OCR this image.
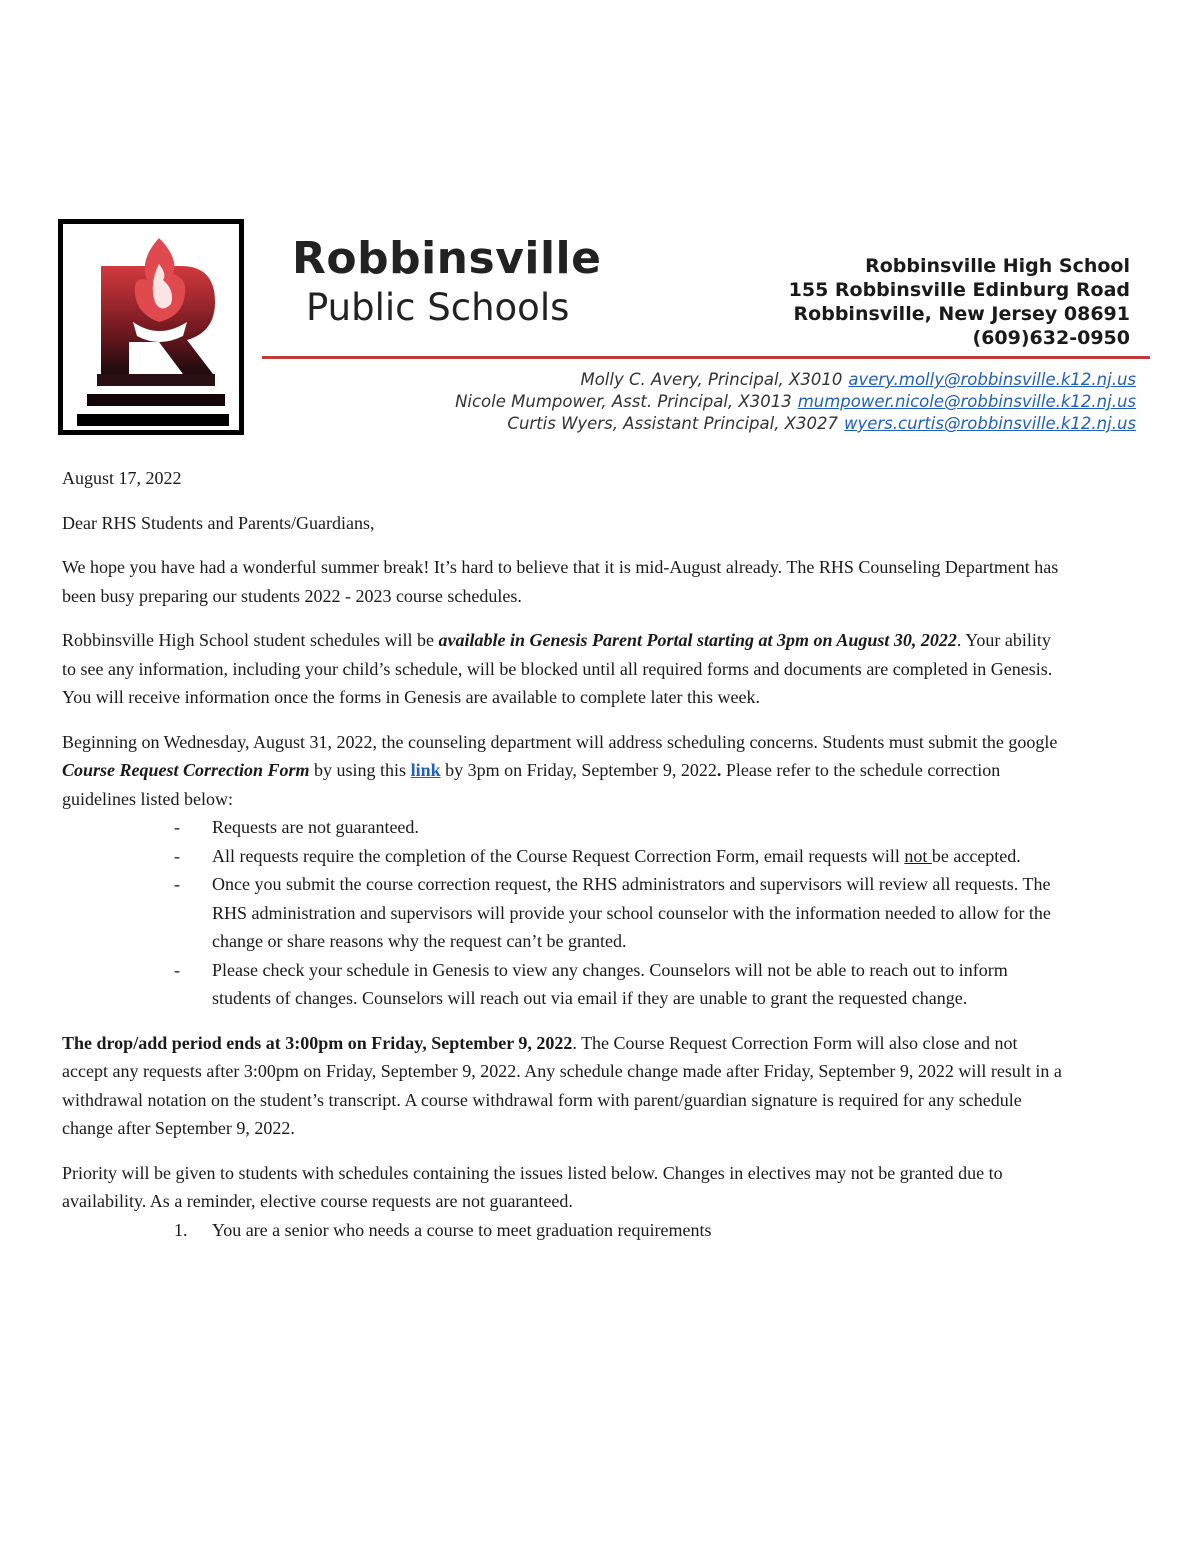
Robbinsville
Public Schools
Robbinsville High School
155 Robbinsville Edinburg Road
Robbinsville, New Jersey 08691
(609)632-0950
Molly C. Avery, Principal, X3010 avery.molly@robbinsville.k12.nj.us
Nicole Mumpower, Asst. Principal, X3013 mumpower.nicole@robbinsville.k12.nj.us
Curtis Wyers, Assistant Principal, X3027 wyers.curtis@robbinsville.k12.nj.us

August 17, 2022

Dear RHS Students and Parents/Guardians,

We hope you have had a wonderful summer break! It’s hard to believe that it is mid-August already. The RHS Counseling Department has been busy preparing our students 2022 - 2023 course schedules.

Robbinsville High School student schedules will be available in Genesis Parent Portal starting at 3pm on August 30, 2022. Your ability to see any information, including your child’s schedule, will be blocked until all required forms and documents are completed in Genesis. You will receive information once the forms in Genesis are available to complete later this week.

Beginning on Wednesday, August 31, 2022, the counseling department will address scheduling concerns. Students must submit the google Course Request Correction Form by using this link by 3pm on Friday, September 9, 2022. Please refer to the schedule correction guidelines listed below:

- Requests are not guaranteed.
- All requests require the completion of the Course Request Correction Form, email requests will not be accepted.
- Once you submit the course correction request, the RHS administrators and supervisors will review all requests. The RHS administration and supervisors will provide your school counselor with the information needed to allow for the change or share reasons why the request can’t be granted.
- Please check your schedule in Genesis to view any changes. Counselors will not be able to reach out to inform students of changes. Counselors will reach out via email if they are unable to grant the requested change.

The drop/add period ends at 3:00pm on Friday, September 9, 2022. The Course Request Correction Form will also close and not accept any requests after 3:00pm on Friday, September 9, 2022. Any schedule change made after Friday, September 9, 2022 will result in a withdrawal notation on the student’s transcript. A course withdrawal form with parent/guardian signature is required for any schedule change after September 9, 2022.

Priority will be given to students with schedules containing the issues listed below. Changes in electives may not be granted due to availability. As a reminder, elective course requests are not guaranteed.

1. You are a senior who needs a course to meet graduation requirements
